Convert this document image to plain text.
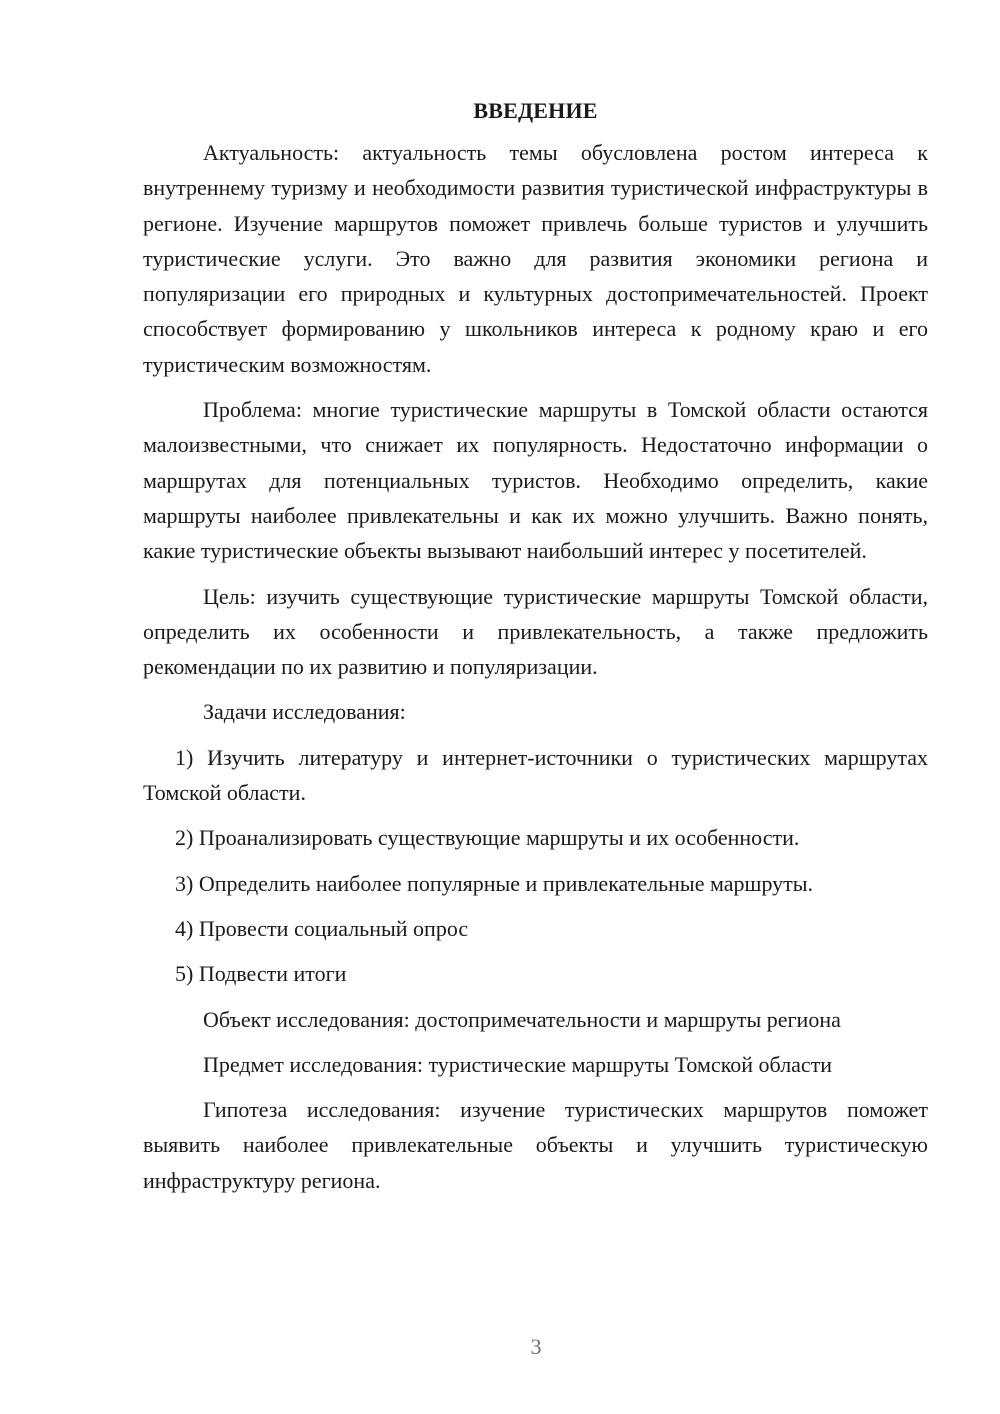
ВВЕДЕНИЕ

Актуальность: актуальность темы обусловлена ростом интереса к внутреннему туризму и необходимости развития туристической инфраструктуры в регионе. Изучение маршрутов поможет привлечь больше туристов и улучшить туристические услуги. Это важно для развития экономики региона и популяризации его природных и культурных достопримечательностей. Проект способствует формированию у школьников интереса к родному краю и его туристическим возможностям.

Проблема: многие туристические маршруты в Томской области остаются малоизвестными, что снижает их популярность. Недостаточно информации о маршрутах для потенциальных туристов. Необходимо определить, какие маршруты наиболее привлекательны и как их можно улучшить. Важно понять, какие туристические объекты вызывают наибольший интерес у посетителей.

Цель: изучить существующие туристические маршруты Томской области, определить их особенности и привлекательность, а также предложить рекомендации по их развитию и популяризации.

Задачи исследования:

1) Изучить литературу и интернет-источники о туристических маршрутах Томской области.

2) Проанализировать существующие маршруты и их особенности.

3) Определить наиболее популярные и привлекательные маршруты.

4) Провести социальный опрос

5) Подвести итоги

Объект исследования: достопримечательности и маршруты региона

Предмет исследования: туристические маршруты Томской области

Гипотеза исследования: изучение туристических маршрутов поможет выявить наиболее привлекательные объекты и улучшить туристическую инфраструктуру региона.

3
